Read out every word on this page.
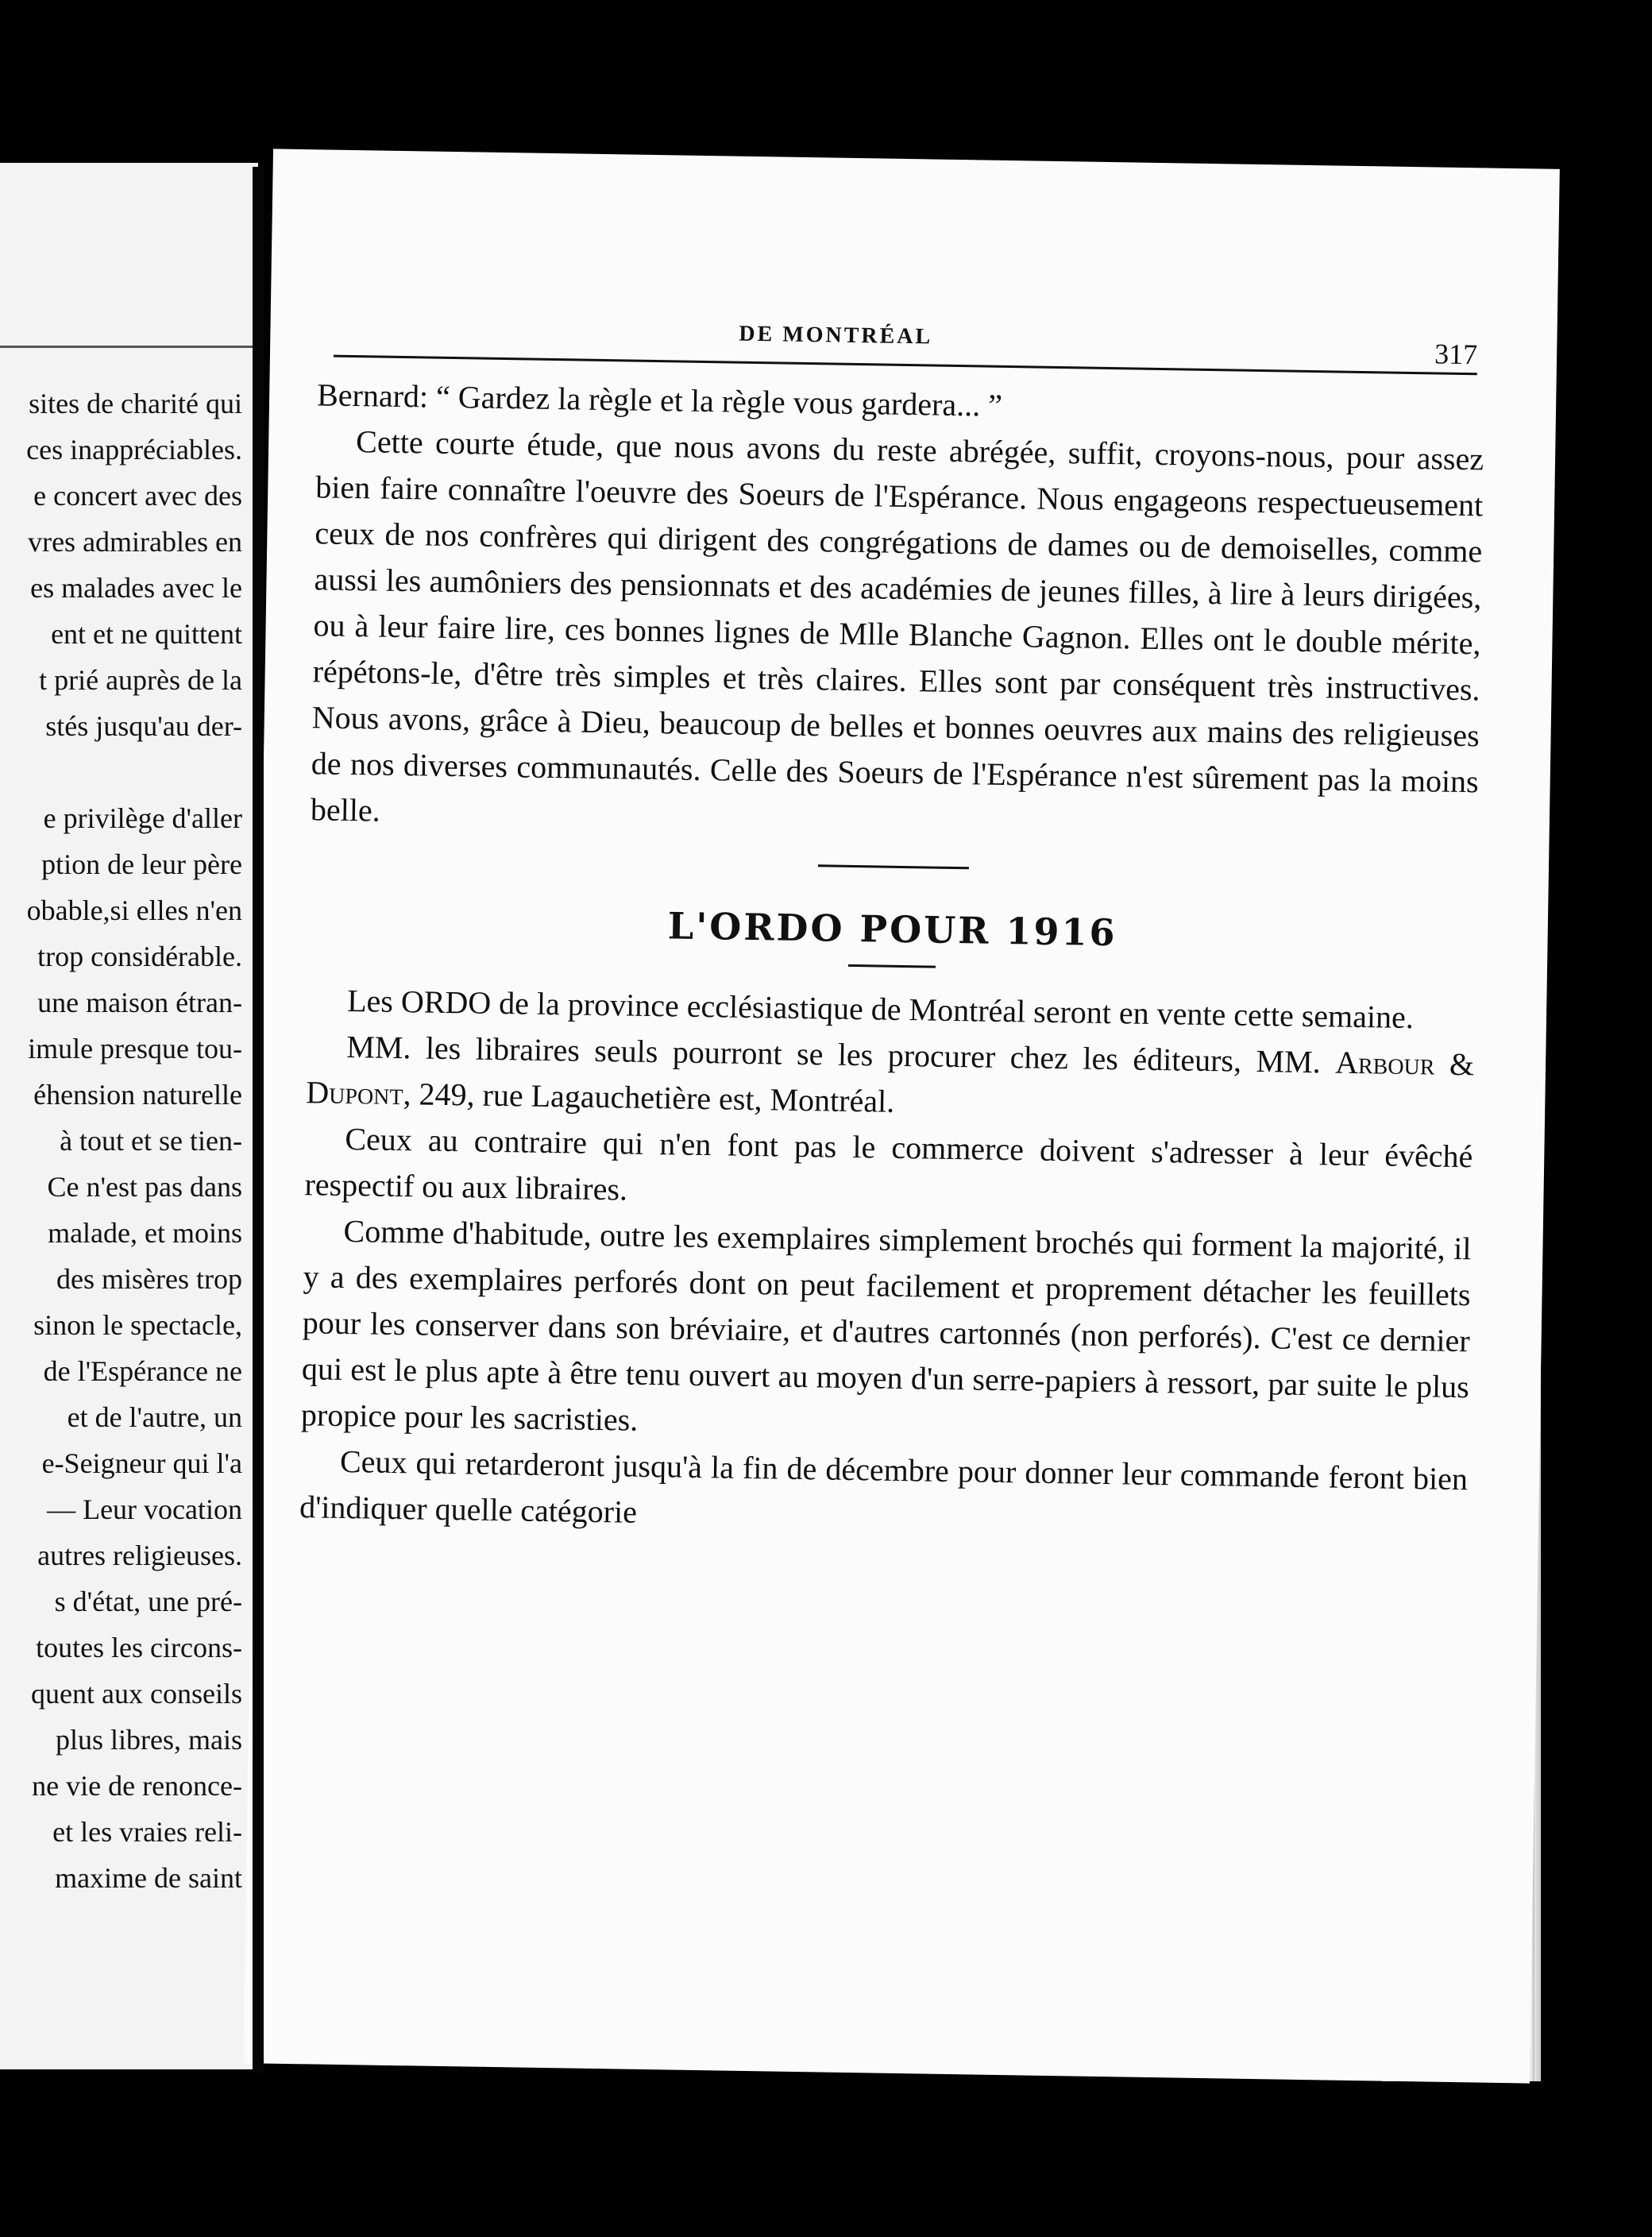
sites de charité qui
ces inappréciables.
e concert avec des
vres admirables en
es malades avec le
ent et ne quittent
t prié auprès de la
stés jusqu'au der-
e privilège d'aller
ption de leur père
obable,si elles n'en
trop considérable.
une maison étran-
imule presque tou-
éhension naturelle
à tout et se tien-
Ce n'est pas dans
malade, et moins
des misères trop
sinon le spectacle,
de l'Espérance ne
et de l'autre, un
e-Seigneur qui l'a
— Leur vocation
autres religieuses.
s d'état, une pré-
toutes les circons-
quent aux conseils
plus libres, mais
ne vie de renonce-
et les vraies reli-
maxime de saint
DE MONTRÉAL
317

Bernard: “ Gardez la règle et la règle vous gardera... ”

Cette courte étude, que nous avons du reste abrégée, suffit, croyons-nous, pour assez bien faire connaître l'oeuvre des Soeurs de l'Espérance. Nous engageons respectueusement ceux de nos confrères qui dirigent des congrégations de dames ou de demoiselles, comme aussi les aumôniers des pensionnats et des académies de jeunes filles, à lire à leurs dirigées, ou à leur faire lire, ces bonnes lignes de Mlle Blanche Gagnon. Elles ont le double mérite, répétons-le, d'être très simples et très claires. Elles sont par conséquent très instructives. Nous avons, grâce à Dieu, beaucoup de belles et bonnes oeuvres aux mains des religieuses de nos diverses communautés. Celle des Soeurs de l'Espérance n'est sûrement pas la moins belle.

L'ORDO POUR 1916

Les ORDO de la province ecclésiastique de Montréal seront en vente cette semaine.

MM. les libraires seuls pourront se les procurer chez les éditeurs, MM. Arbour & Dupont, 249, rue Lagauchetière est, Montréal.

Ceux au contraire qui n'en font pas le commerce doivent s'adresser à leur évêché respectif ou aux libraires.

Comme d'habitude, outre les exemplaires simplement brochés qui forment la majorité, il y a des exemplaires perforés dont on peut facilement et proprement détacher les feuillets pour les conserver dans son bréviaire, et d'autres cartonnés (non perforés). C'est ce dernier qui est le plus apte à être tenu ouvert au moyen d'un serre-papiers à ressort, par suite le plus propice pour les sacristies.

Ceux qui retarderont jusqu'à la fin de décembre pour donner leur commande feront bien d'indiquer quelle catégorie
